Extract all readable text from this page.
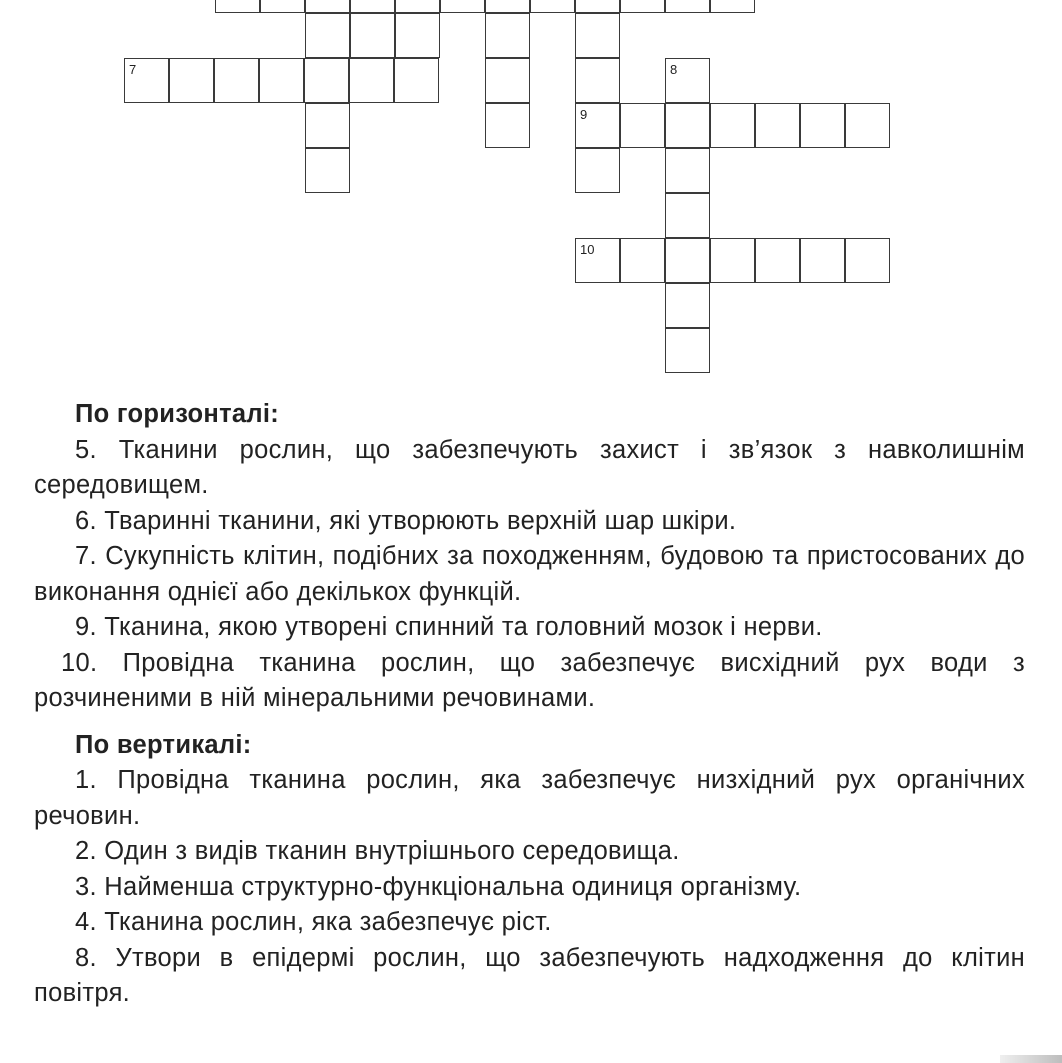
7	8
9
10
По горизонталі:
5. Тканини рослин, що забезпечують захист і зв’язок з навколишнім середовищем.
6. Тваринні тканини, які утворюють верхній шар шкіри.
7. Сукупність клітин, подібних за походженням, будовою та пристосованих до виконання однієї або декількох функцій.
9. Тканина, якою утворені спинний та головний мозок і нерви.
10. Провідна тканина рослин, що забезпечує висхідний рух води з розчиненими в ній мінеральними речовинами.
По вертикалі:
1. Провідна тканина рослин, яка забезпечує низхідний рух органічних речовин.
2. Один з видів тканин внутрішнього середовища.
3. Найменша структурно-функціональна одиниця організму.
4. Тканина рослин, яка забезпечує ріст.
8. Утвори в епідермі рослин, що забезпечують надходження до клітин повітря.
